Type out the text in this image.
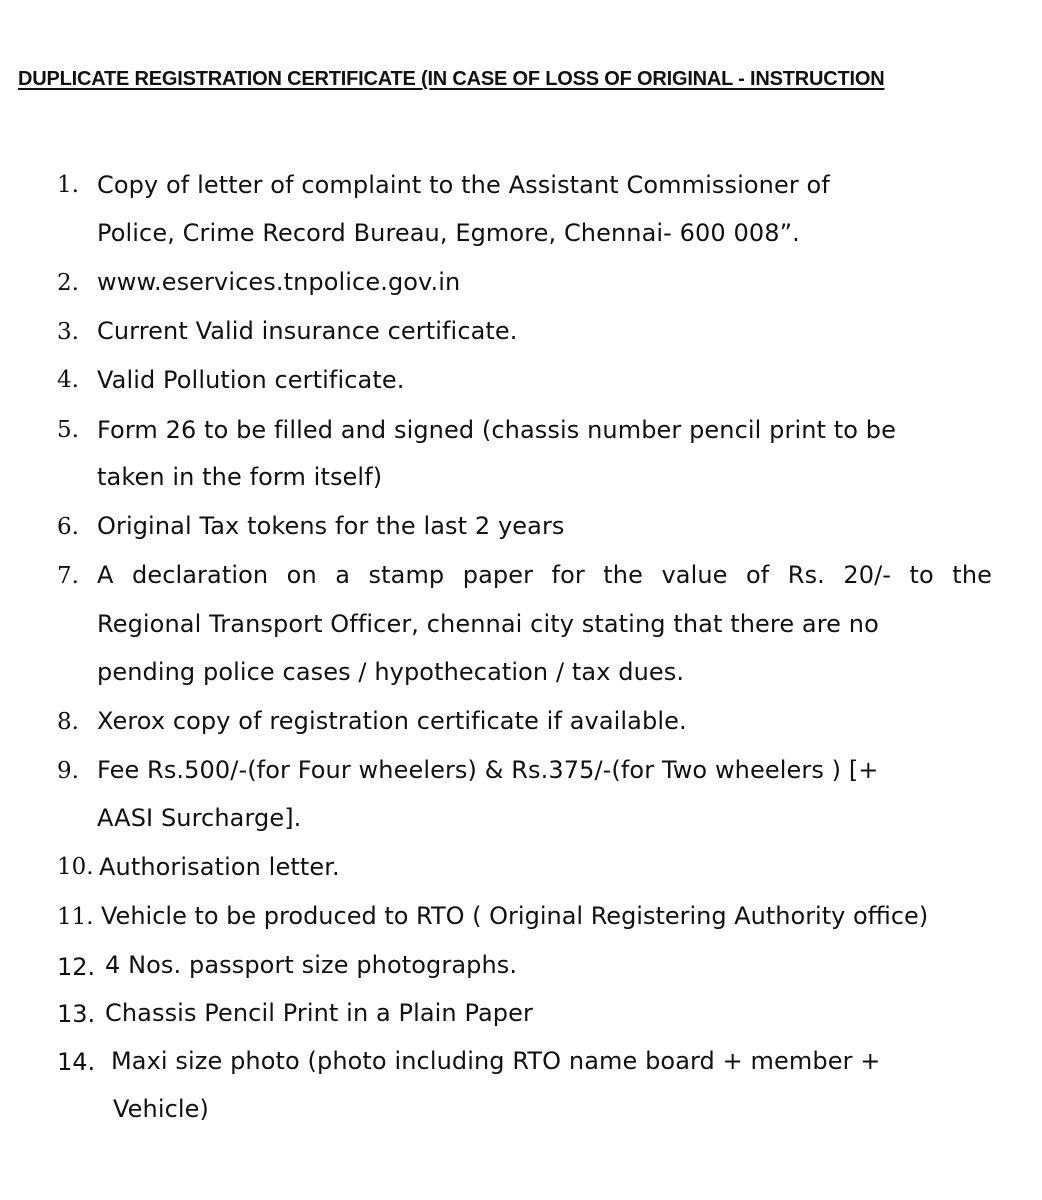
DUPLICATE REGISTRATION CERTIFICATE (IN CASE OF LOSS OF ORIGINAL - INSTRUCTION
1. Copy of letter of complaint to the Assistant Commissioner of
Police, Crime Record Bureau, Egmore, Chennai- 600 008”.
2. www.eservices.tnpolice.gov.in
3. Current Valid insurance certificate.
4. Valid Pollution certificate.
5. Form 26 to be filled and signed (chassis number pencil print to be
taken in the form itself)
6. Original Tax tokens for the last 2 years
7. A declaration on a stamp paper for the value of Rs. 20/- to the
Regional Transport Officer, chennai city stating that there are no
pending police cases / hypothecation / tax dues.
8. Xerox copy of registration certificate if available.
9. Fee Rs.500/-(for Four wheelers) & Rs.375/-(for Two wheelers ) [+
AASI Surcharge].
10. Authorisation letter.
11. Vehicle to be produced to RTO ( Original Registering Authority office)
12. 4 Nos. passport size photographs.
13. Chassis Pencil Print in a Plain Paper
14. Maxi size photo (photo including RTO name board + member +
Vehicle)
